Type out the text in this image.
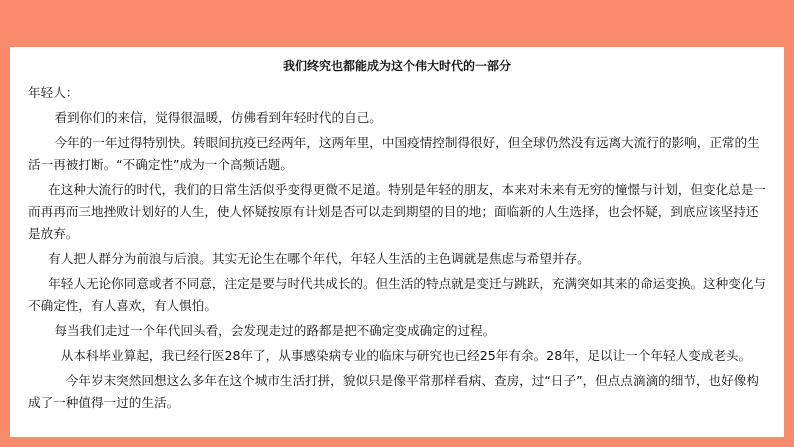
我们终究也都能成为这个伟大时代的一部分

年轻人：

看到你们的来信，觉得很温暖，仿佛看到年轻时代的自己。

今年的一年过得特别快。转眼间抗疫已经两年，这两年里，中国疫情控制得很好，但全球仍然没有远离大流行的影响，正常的生活一再被打断。“不确定性”成为一个高频话题。

在这种大流行的时代，我们的日常生活似乎变得更微不足道。特别是年轻的朋友，本来对未来有无穷的憧憬与计划，但变化总是一而再再而三地挫败计划好的人生，使人怀疑按原有计划是否可以走到期望的目的地；面临新的人生选择，也会怀疑，到底应该坚持还是放弃。

有人把人群分为前浪与后浪。其实无论生在哪个年代，年轻人生活的主色调就是焦虑与希望并存。

年轻人无论你同意或者不同意，注定是要与时代共成长的。但生活的特点就是变迁与跳跃，充满突如其来的命运变换。这种变化与不确定性，有人喜欢，有人惧怕。

每当我们走过一个年代回头看，会发现走过的路都是把不确定变成确定的过程。

从本科毕业算起，我已经行医28年了，从事感染病专业的临床与研究也已经25年有余。28年，足以让一个年轻人变成老头。

今年岁末突然回想这么多年在这个城市生活打拼，貌似只是像平常那样看病、查房，过“日子”，但点点滴滴的细节，也好像构成了一种值得一过的生活。
